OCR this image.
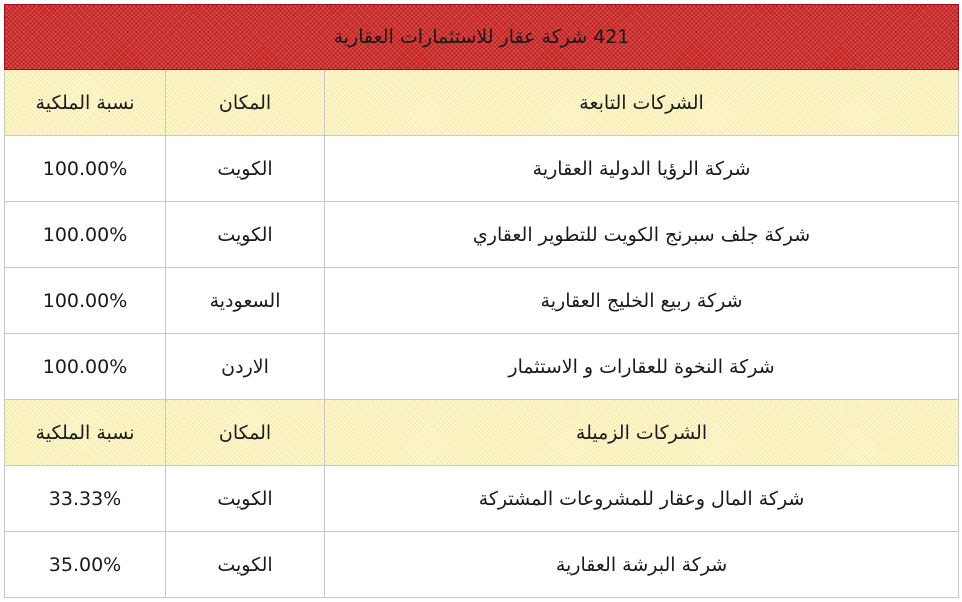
421 شركة عقار للاستثمارات العقارية		
الشركات التابعة	المكان	نسبة الملكية
شركة الرؤيا الدولية العقارية	الكويت	100.00%
شركة جلف سبرنج الكويت للتطوير العقاري	الكويت	100.00%
شركة ربيع الخليج العقارية	السعودية	100.00%
شركة النخوة للعقارات و الاستثمار	الاردن	100.00%
الشركات الزميلة	المكان	نسبة الملكية
شركة المال وعقار للمشروعات المشتركة	الكويت	33.33%
شركة البرشة العقارية	الكويت	35.00%
